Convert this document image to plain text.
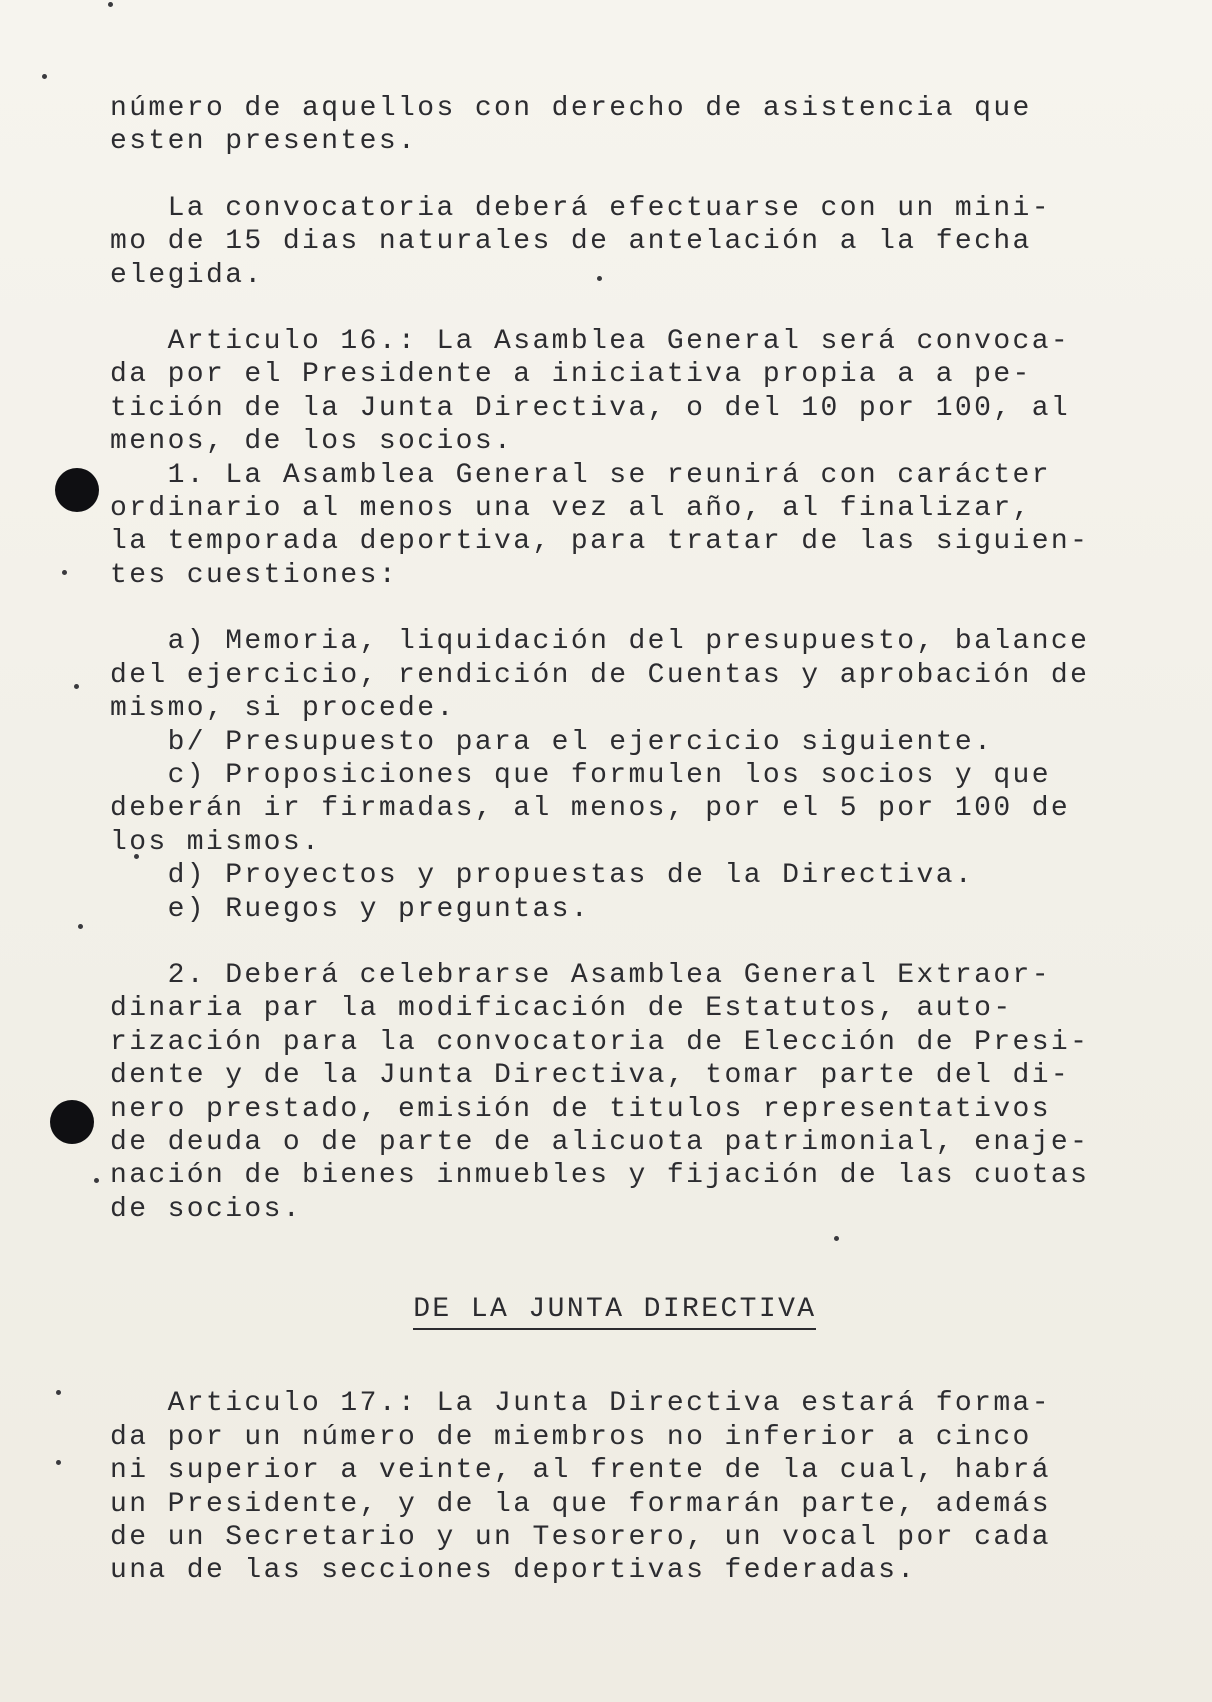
número de aquellos con derecho de asistencia que

esten presentes.

La convocatoria deberá efectuarse con un mini-

mo de 15 dias naturales de antelación a la fecha

elegida.

Articulo 16.: La Asamblea General será convoca-

da por el Presidente a iniciativa propia a a pe-

tición de la Junta Directiva, o del 10 por 100, al

menos, de los socios.

1. La Asamblea General se reunirá con carácter

ordinario al menos una vez al año, al finalizar,

la temporada deportiva, para tratar de las siguien-

tes cuestiones:

a) Memoria, liquidación del presupuesto, balance

del ejercicio, rendición de Cuentas y aprobación de

mismo, si procede.

b/ Presupuesto para el ejercicio siguiente.

c) Proposiciones que formulen los socios y que

deberán ir firmadas, al menos, por el 5 por 100 de

los mismos.

d) Proyectos y propuestas de la Directiva.

e) Ruegos y preguntas.

2. Deberá celebrarse Asamblea General Extraor-

dinaria par la modificación de Estatutos, auto-

rización para la convocatoria de Elección de Presi-

dente y de la Junta Directiva, tomar parte del di-

nero prestado, emisión de titulos representativos

de deuda o de parte de alicuota patrimonial, enaje-

nación de bienes inmuebles y fijación de las cuotas

de socios.

DE LA JUNTA DIRECTIVA

Articulo 17.: La Junta Directiva estará forma-

da por un número de miembros no inferior a cinco

ni superior a veinte, al frente de la cual, habrá

un Presidente, y de la que formarán parte, además

de un Secretario y un Tesorero, un vocal por cada

una de las secciones deportivas federadas.
